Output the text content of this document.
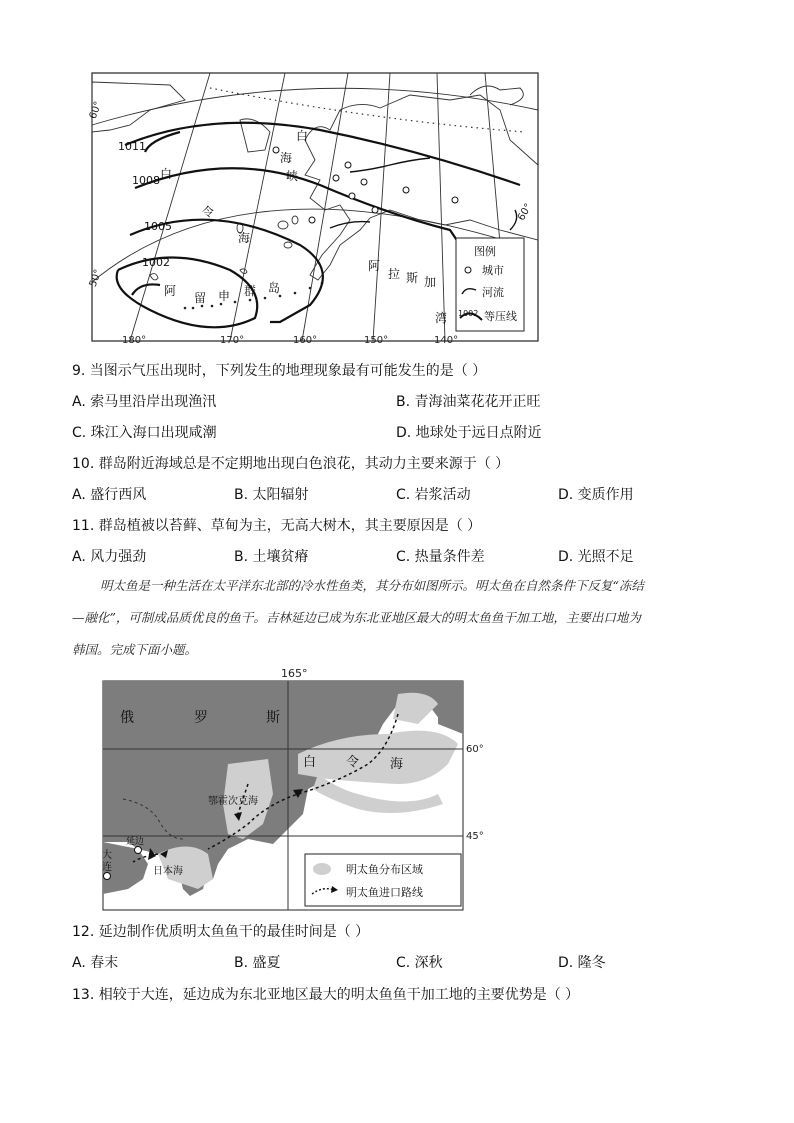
180°	170°	160°	150°	140°
60°
50°
60°
1011
1008
1005
1002
白
令
海
阿 留 申 群 岛
白
海
峡
阿
拉 斯 加
湾
图例
城市
河流
1002 等压线
9. 当图示气压出现时，下列发生的地理现象最有可能发生的是（ ）
A. 索马里沿岸出现渔汛	B. 青海油菜花花开正旺
C. 珠江入海口出现咸潮	D. 地球处于远日点附近
10. 群岛附近海域总是不定期地出现白色浪花，其动力主要来源于（ ）
A. 盛行西风	B. 太阳辐射	C. 岩浆活动	D. 变质作用
11. 群岛植被以苔藓、草甸为主，无高大树木，其主要原因是（ ）
A. 风力强劲	B. 土壤贫瘠	C. 热量条件差	D. 光照不足
明太鱼是一种生活在太平洋东北部的冷水性鱼类，其分布如图所示。明太鱼在自然条件下反复“冻结
—融化”，可制成品质优良的鱼干。吉林延边已成为东北亚地区最大的明太鱼鱼干加工地，主要出口地为
韩国。完成下面小题。
165°
60°
45°
俄	罗	斯
白 令 海
鄂霍次克海
日本海
延边
大
连	明太鱼分布区域
明太鱼进口路线
12. 延边制作优质明太鱼鱼干的最佳时间是（ ）
A. 春末	B. 盛夏	C. 深秋	D. 隆冬
13. 相较于大连，延边成为东北亚地区最大的明太鱼鱼干加工地的主要优势是（ ）
